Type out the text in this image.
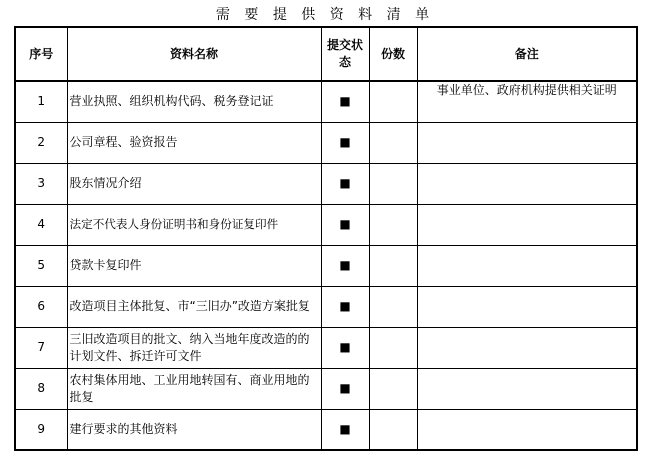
需 要 提 供 资 料 清 单
序号	资料名称	提交状态	份数	备注
1	营业执照、组织机构代码、税务登记证	■		事业单位、政府机构提供相关证明
2	公司章程、验资报告	■		
3	股东情况介绍	■		
4	法定不代表人身份证明书和身份证复印件	■		
5	贷款卡复印件	■		
6	改造项目主体批复、市“三旧办”改造方案批复	■		
7	三旧改造项目的批文、纳入当地年度改造的的计划文件、拆迁许可文件	■		
8	农村集体用地、工业用地转国有、商业用地的批复	■		
9	建行要求的其他资料	■		
